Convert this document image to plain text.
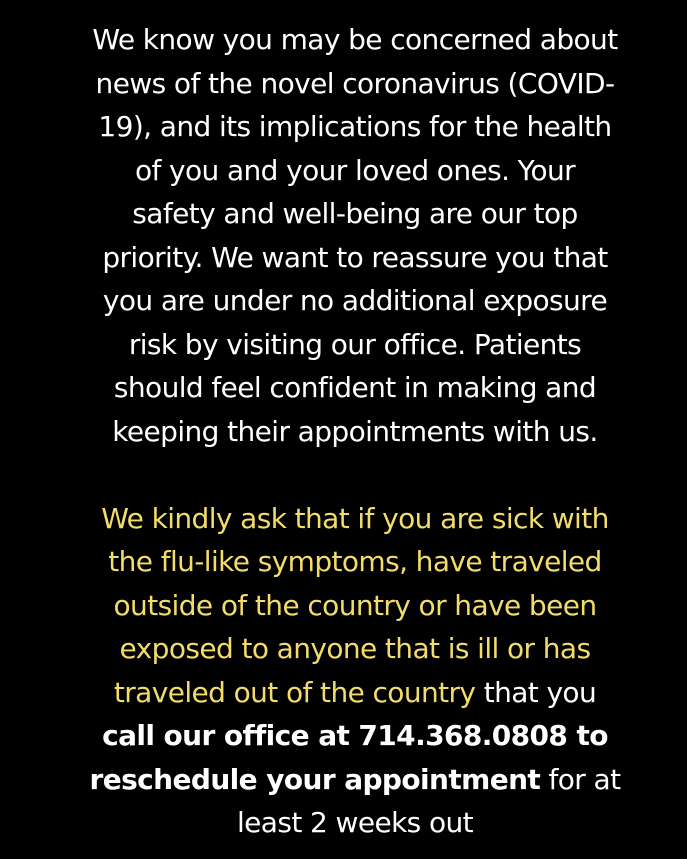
We know you may be concerned about
news of the novel coronavirus (COVID-
19), and its implications for the health
of you and your loved ones. Your
safety and well-being are our top
priority. We want to reassure you that
you are under no additional exposure
risk by visiting our office. Patients
should feel confident in making and
keeping their appointments with us.

We kindly ask that if you are sick with
the flu-like symptoms, have traveled
outside of the country or have been
exposed to anyone that is ill or has
traveled out of the country that you
call our office at 714.368.0808 to
reschedule your appointment for at
least 2 weeks out
